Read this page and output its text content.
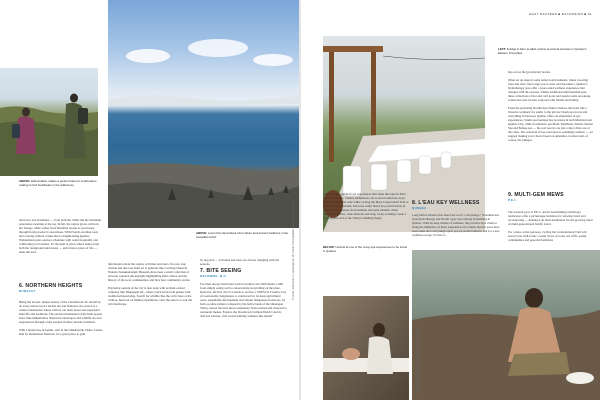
ABOVE: Edmundsten makes a perfect base for small-nature making to find heartbeats in the wilderness
ABOVE: Learn first-hand about Inuit culture and ancient traditions in the Canadian Arctic
that leave you breathless — from both the climb and the mountain panoramas awaiting at the top. In fall, the region glows with red-hot foliage, while winter feels blissfully serene as you mosey through fresh powder in snowshoes. With French-Acadian roots and a strong cultural connection to neighbouring Quebec, Edmundston pairs outdoor adventure with warm hospitality and comforting local cuisine. It's the kind of place where nature feels both the background and nature — and reviews piece of life — takes the lead.
6. NORTHERN HEIGHTS
NUNAVUT

Being the newest, unique beauty of the Canadian Arctic should be on every nature lover's bucket list, but Nunavut also serves as a cultural destination where visitors can learn about and experience Inuit life and traditions. The ancestral homeland of the Inuit people since time immemorial, Nunavut's landscapes and wildlife are best experienced through a lens steeped in these ancient traditions.

With a home base in Iqaluit, start in the Unikkaarvik Visitor Centre. Run by Destination Nunavut, it's a great place to gain

information about the region, activities and tours. In town, step outside and discover Inuit art at galleries like Carvings Nunavut. Nunatta Sunakkutaangit Museum showcases a small collection of artwork, regional photographs highlighting Inuit culture and the history of the local communities, and they host community events.

Exploring outside of the city is best done with an Inuit-owned company like Tikippugut Inc., where you'll learn from guides with traditional knowledge. Search for wildlife like the arctic hare or the caribou, head out on fishing expeditions, view the aurora or tour the wild landscape

by dog sled — activities and tours are always changing with the seasons.
7. BITE SEEING
KELOWNA, B.C.
Food has always motivated world travellers, but 2020 marks a shift from simply eating well to experiencing storytelling on the plate. Kelowna, the first city in Canada to receive a UNESCO Creative City of Gastronomy designation, is celebrated for its deep agricultural roots, sustainable development and vibrant Indigenous foodways. Its farm-to-table culture is shaped by the fertile lands of the Okanagan Valley, whose flavours move seamlessly from orchard and vineyard to restaurant menus. Explore the Downtown Cultural District and its chef-led eateries, visit award-winning wineries like Quails'
© Credit: Edmunds 1; Landscape by JP; Credit: Photographer; Credit: Nunavut Tourism
EASY ESCAPES ■ EXCURSION ■ 91
LEFT: Indulge in farm-to-table cuisine at around wineries in Quebec's Eastern Townships
BELOW: Unwind at one of the many spa experiences to be found in Quebec
Gate, and join guided food experiences that share the region's First Nations heritage. Visitors enthusiasts can rooted in delicious stops for pizza, fruit and wine while cycling the Myra Canyon Rail Trail or hiking Knox Mountain. Kelowna really flexes its peach horizon in two growing seasons, from summer and early autumn, when bountiful harvests, wine festivals and long, rocky evenings create a sensory postcard of the valley's enduring magic.
8. L'EAU KEY WELLNESS
QUEBEC
Long before Ontario first heard the word "cold plunge," Scandinavian-style hydrotherapy and Nordic spas were already flourishing in Québec. With its deep culture of wellness, the province lays claim to being the birthplace of these experiences in Canada. Recent years have seen sauna and cold plunge spots pop up around Ontario, but for a true wellness escape, it's best to

hop across the [provincial] border.

Often set up deep in some natural environments, where towering trees and river views urge you to relax and disconnect, Québec's hydrotherapy spas offer a year-round wellness experience that changes with the seasons. Unlike traditional individualism spas, these collections of hot and cold pools and steam rooms encourage connection and are best explored with friends and family.

From the sprawling Nordik Spa-Nature Chelsea that feels like a 'massive wellpark' for adults to the private Strøm spa in lots and everything in between, Québec offers an abundance of spa experiences. Strøm spa boutique has locations in both Montréal and Québec City, while Scandinave spa Mont-Tremblant, Siberia Station Spa and Balnea spa — the real reserve are just a short drive out of the cities. The selection of top-rated spas is seemingly endless — we suggest making your choice based on amenities, location and, of course, the plunges.

9. MULTI-GEM MEWS
P.E.I.

The pastoral pace of P.E.I., and its breathtaking windswept landscapes offer a picturesque backdrop for slowing down and reconnecting — making it an ideal destination for the growing trend of multi-generational family travel.

For a more active getaway, cycling the Confederation Trail will reward you with scenic coastal views of rocky red cliffs, quaint communities and peaceful farmland,

© Credit: Photographer; Credit: Shutterstock; Photo credit text
